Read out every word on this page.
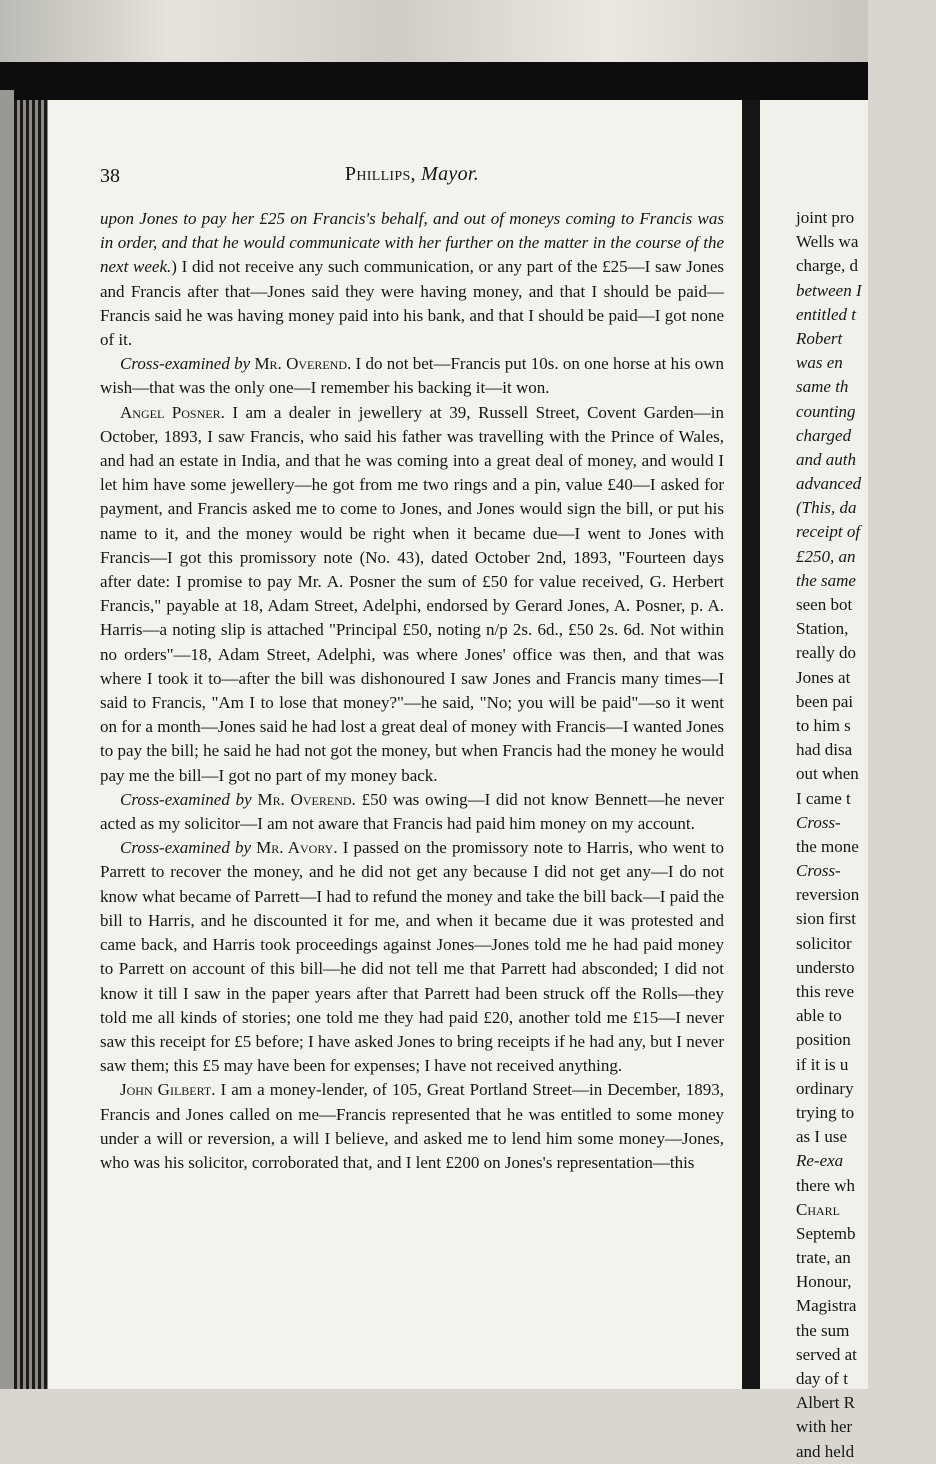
joint pro
Wells wa
charge, d
between I
entitled t
Robert
was en
same th
counting
charged
and auth
advanced
(This, da
receipt of
£250, an
the same
seen bot
Station,
really do
Jones at
been pai
to him s
had disa
out when
I came t
Cross-
the mone
Cross-
reversion
sion first
solicitor
understo
this reve
able to
position
if it is u
ordinary
trying to
as I use
Re-exa
there wh
Charl
Septemb
trate, an
Honour,
Magistra
the sum
served at
day of t
Albert R
with her
and held
38	Phillips, Mayor.

upon Jones to pay her £25 on Francis's behalf, and out of moneys coming to Francis was in order, and that he would communicate with her further on the matter in the course of the next week.) I did not receive any such communication, or any part of the £25—I saw Jones and Francis after that—Jones said they were having money, and that I should be paid—Francis said he was having money paid into his bank, and that I should be paid—I got none of it.

Cross-examined by Mr. Overend. I do not bet—Francis put 10s. on one horse at his own wish—that was the only one—I remember his backing it—it won.

Angel Posner. I am a dealer in jewellery at 39, Russell Street, Covent Garden—in October, 1893, I saw Francis, who said his father was travelling with the Prince of Wales, and had an estate in India, and that he was coming into a great deal of money, and would I let him have some jewellery—he got from me two rings and a pin, value £40—I asked for payment, and Francis asked me to come to Jones, and Jones would sign the bill, or put his name to it, and the money would be right when it became due—I went to Jones with Francis—I got this promissory note (No. 43), dated October 2nd, 1893, "Fourteen days after date: I promise to pay Mr. A. Posner the sum of £50 for value received, G. Herbert Francis," payable at 18, Adam Street, Adelphi, endorsed by Gerard Jones, A. Posner, p. A. Harris—a noting slip is attached "Principal £50, noting n/p 2s. 6d., £50 2s. 6d. Not within no orders"—18, Adam Street, Adelphi, was where Jones' office was then, and that was where I took it to—after the bill was dishonoured I saw Jones and Francis many times—I said to Francis, "Am I to lose that money?"—he said, "No; you will be paid"—so it went on for a month—Jones said he had lost a great deal of money with Francis—I wanted Jones to pay the bill; he said he had not got the money, but when Francis had the money he would pay me the bill—I got no part of my money back.

Cross-examined by Mr. Overend. £50 was owing—I did not know Bennett—he never acted as my solicitor—I am not aware that Francis had paid him money on my account.

Cross-examined by Mr. Avory. I passed on the promissory note to Harris, who went to Parrett to recover the money, and he did not get any because I did not get any—I do not know what became of Parrett—I had to refund the money and take the bill back—I paid the bill to Harris, and he discounted it for me, and when it became due it was protested and came back, and Harris took proceedings against Jones—Jones told me he had paid money to Parrett on account of this bill—he did not tell me that Parrett had absconded; I did not know it till I saw in the paper years after that Parrett had been struck off the Rolls—they told me all kinds of stories; one told me they had paid £20, another told me £15—I never saw this receipt for £5 before; I have asked Jones to bring receipts if he had any, but I never saw them; this £5 may have been for expenses; I have not received anything.

John Gilbert. I am a money-lender, of 105, Great Portland Street—in December, 1893, Francis and Jones called on me—Francis represented that he was entitled to some money under a will or reversion, a will I believe, and asked me to lend him some money—Jones, who was his solicitor, corroborated that, and I lent £200 on Jones's representation—this
